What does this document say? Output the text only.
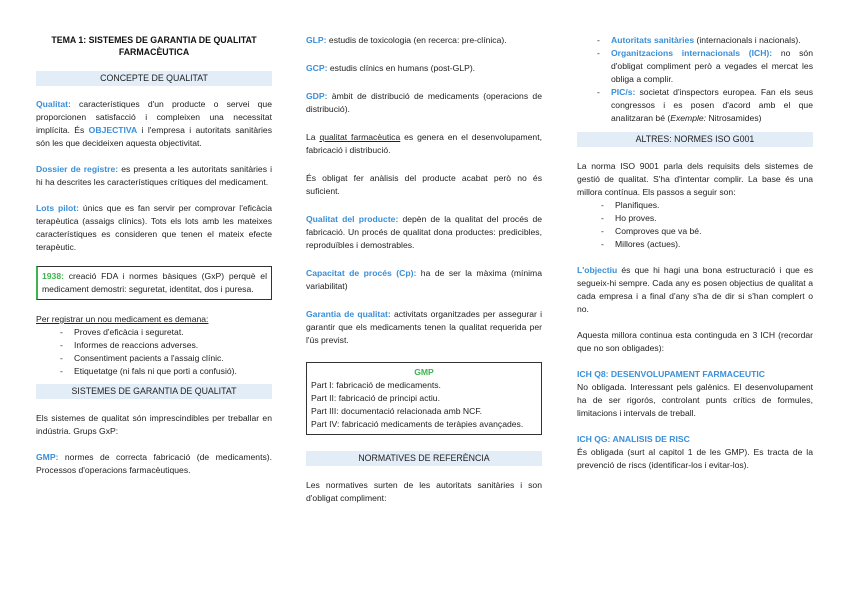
TEMA 1: SISTEMES DE GARANTIA DE QUALITAT
FARMACÈUTICA
CONCEPTE DE QUALITAT

Qualitat: característiques d'un producte o servei que proporcionen satisfacció i compleixen una necessitat implícita. És OBJECTIVA i l'empresa i autoritats sanitàries són les que decideixen aquesta objectivitat.

Dossier de registre: es presenta a les autoritats sanitàries i hi ha descrites les característiques crítiques del medicament.

Lots pilot: únics que es fan servir per comprovar l'eficàcia terapèutica (assaigs clínics). Tots els lots amb les mateixes característiques es consideren que tenen el mateix efecte terapèutic.

1938: creació FDA i normes bàsiques (GxP) perquè el medicament demostri: seguretat, identitat, dos i puresa.

Per registrar un nou medicament es demana:

- Proves d'eficàcia i seguretat.
- Informes de reaccions adverses.
- Consentiment pacients a l'assaig clínic.
- Etiquetatge (ni fals ni que porti a confusió).
SISTEMES DE GARANTIA DE QUALITAT

Els sistemes de qualitat són imprescindibles per treballar en indústria. Grups GxP:

GMP: normes de correcta fabricació (de medicaments). Processos d'operacions farmacèutiques.

GLP: estudis de toxicologia (en recerca: pre-clínica).

GCP: estudis clínics en humans (post-GLP).

GDP: àmbit de distribució de medicaments (operacions de distribució).

La qualitat farmacèutica es genera en el desenvolupament, fabricació i distribució.

És obligat fer anàlisis del producte acabat però no és suficient.

Qualitat del producte: depèn de la qualitat del procés de fabricació. Un procés de qualitat dona productes: predicibles, reproduïbles i demostrables.

Capacitat de procés (Cp): ha de ser la màxima (mínima variabilitat)

Garantia de qualitat: activitats organitzades per assegurar i garantir que els medicaments tenen la qualitat requerida per l'ús previst.

GMP

Part I: fabricació de medicaments.

Part II: fabricació de principi actiu.

Part III: documentació relacionada amb NCF.

Part IV: fabricació medicaments de teràpies avançades.

NORMATIVES DE REFERÈNCIA

Les normatives surten de les autoritats sanitàries i son d'obligat compliment:

- Autoritats sanitàries (internacionals i nacionals).

- Organitzacions internacionals (ICH): no són d'obligat compliment però a vegades el mercat les obliga a complir.

- PIC/s: societat d'inspectors europea. Fan els seus congressos i es posen d'acord amb el que analitzaran bé (Exemple: Nitrosamides)

ALTRES: NORMES ISO G001

La norma ISO 9001 parla dels requisits dels sistemes de gestió de qualitat. S'ha d'intentar complir. La base és una millora contínua. Els passos a seguir son:

- Planifiques.
- Ho proves.
- Comproves que va bé.
- Millores (actues).

L'objectiu és que hi hagi una bona estructuració i que es segueix-hi sempre. Cada any es posen objectius de qualitat a cada empresa i a final d'any s'ha de dir si s'han complert o no.

Aquesta millora continua esta continguda en 3 ICH (recordar que no son obligades):

ICH Q8: DESENVOLUPAMENT FARMACEUTIC

No obligada. Interessant pels galènics. El desenvolupament ha de ser rigorós, controlant punts crítics de formules, limitacions i intervals de treball.

ICH QG: ANALISIS DE RISC

És obligada (surt al capitol 1 de les GMP). Es tracta de la prevenció de riscs (identificar-los i evitar-los).
